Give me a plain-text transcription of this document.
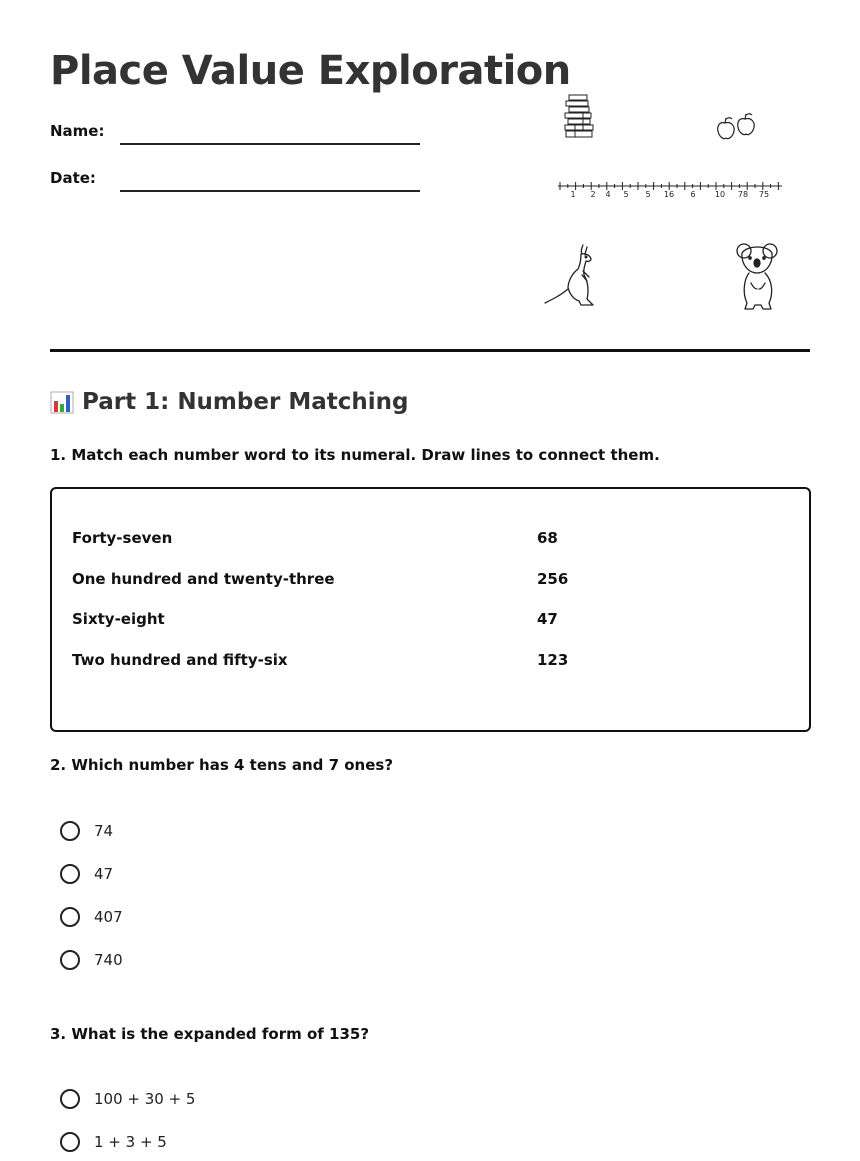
Place Value Exploration
Name:
Date:
1 2 4 5 5 16 6 10 78 75
Part 1: Number Matching
1. Match each number word to its numeral. Draw lines to connect them.
Forty-seven
One hundred and twenty-three
Sixty-eight
Two hundred and fifty-six
68
256
47
123
2. Which number has 4 tens and 7 ones?
74
47
407
740
3. What is the expanded form of 135?
100 + 30 + 5
1 + 3 + 5
